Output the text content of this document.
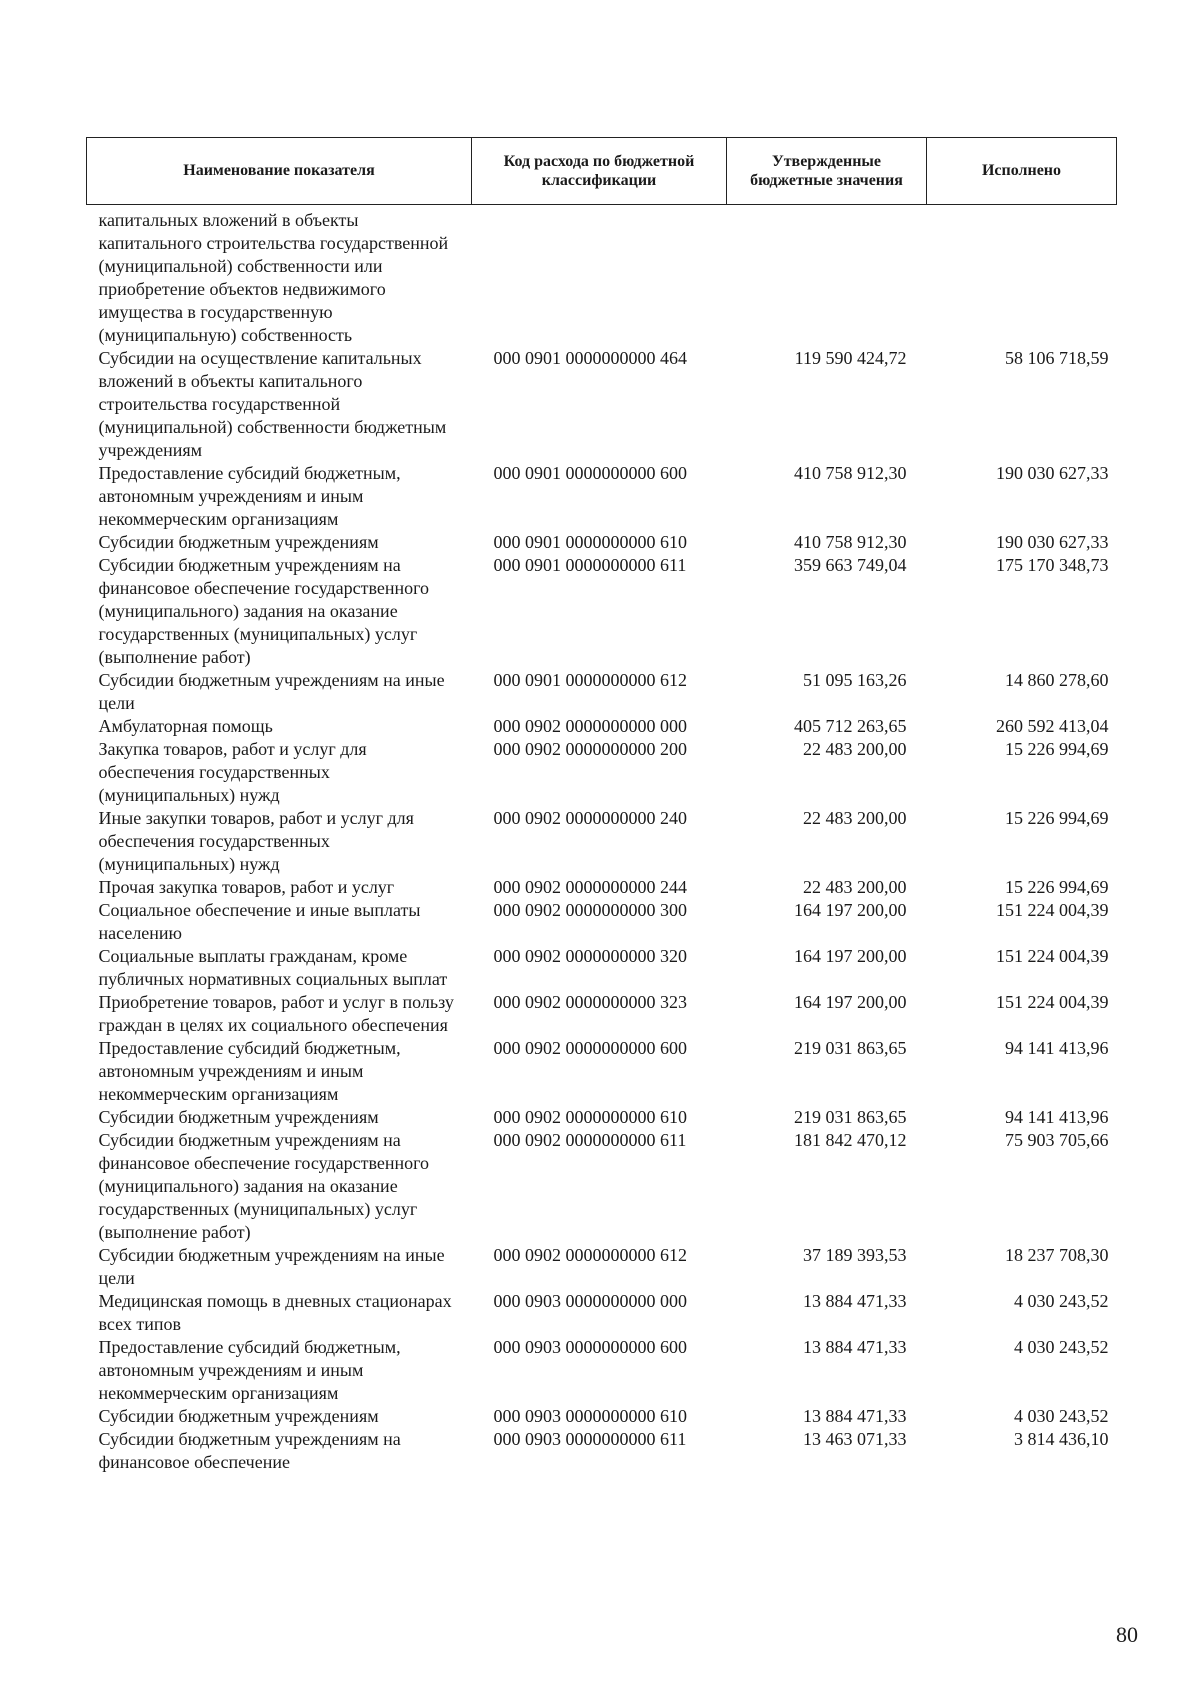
Наименование показателя	Код расхода по бюджетной классификации	Утвержденные бюджетные значения	Исполнено
капитальных вложений в объекты капитального строительства государственной (муниципальной) собственности или приобретение объектов недвижимого имущества в государственную (муниципальную) собственность			
Субсидии на осуществление капитальных вложений в объекты капитального строительства государственной (муниципальной) собственности бюджетным учреждениям	000 0901 0000000000 464	119 590 424,72	58 106 718,59
Предоставление субсидий бюджетным, автономным учреждениям и иным некоммерческим организациям	000 0901 0000000000 600	410 758 912,30	190 030 627,33
Субсидии бюджетным учреждениям	000 0901 0000000000 610	410 758 912,30	190 030 627,33
Субсидии бюджетным учреждениям на финансовое обеспечение государственного (муниципального) задания на оказание государственных (муниципальных) услуг (выполнение работ)	000 0901 0000000000 611	359 663 749,04	175 170 348,73
Субсидии бюджетным учреждениям на иные цели	000 0901 0000000000 612	51 095 163,26	14 860 278,60
Амбулаторная помощь	000 0902 0000000000 000	405 712 263,65	260 592 413,04
Закупка товаров, работ и услуг для обеспечения государственных (муниципальных) нужд	000 0902 0000000000 200	22 483 200,00	15 226 994,69
Иные закупки товаров, работ и услуг для обеспечения государственных (муниципальных) нужд	000 0902 0000000000 240	22 483 200,00	15 226 994,69
Прочая закупка товаров, работ и услуг	000 0902 0000000000 244	22 483 200,00	15 226 994,69
Социальное обеспечение и иные выплаты населению	000 0902 0000000000 300	164 197 200,00	151 224 004,39
Социальные выплаты гражданам, кроме публичных нормативных социальных выплат	000 0902 0000000000 320	164 197 200,00	151 224 004,39
Приобретение товаров, работ и услуг в пользу граждан в целях их социального обеспечения	000 0902 0000000000 323	164 197 200,00	151 224 004,39
Предоставление субсидий бюджетным, автономным учреждениям и иным некоммерческим организациям	000 0902 0000000000 600	219 031 863,65	94 141 413,96
Субсидии бюджетным учреждениям	000 0902 0000000000 610	219 031 863,65	94 141 413,96
Субсидии бюджетным учреждениям на финансовое обеспечение государственного (муниципального) задания на оказание государственных (муниципальных) услуг (выполнение работ)	000 0902 0000000000 611	181 842 470,12	75 903 705,66
Субсидии бюджетным учреждениям на иные цели	000 0902 0000000000 612	37 189 393,53	18 237 708,30
Медицинская помощь в дневных стационарах всех типов	000 0903 0000000000 000	13 884 471,33	4 030 243,52
Предоставление субсидий бюджетным, автономным учреждениям и иным некоммерческим организациям	000 0903 0000000000 600	13 884 471,33	4 030 243,52
Субсидии бюджетным учреждениям	000 0903 0000000000 610	13 884 471,33	4 030 243,52
Субсидии бюджетным учреждениям на финансовое обеспечение	000 0903 0000000000 611	13 463 071,33	3 814 436,10
80
